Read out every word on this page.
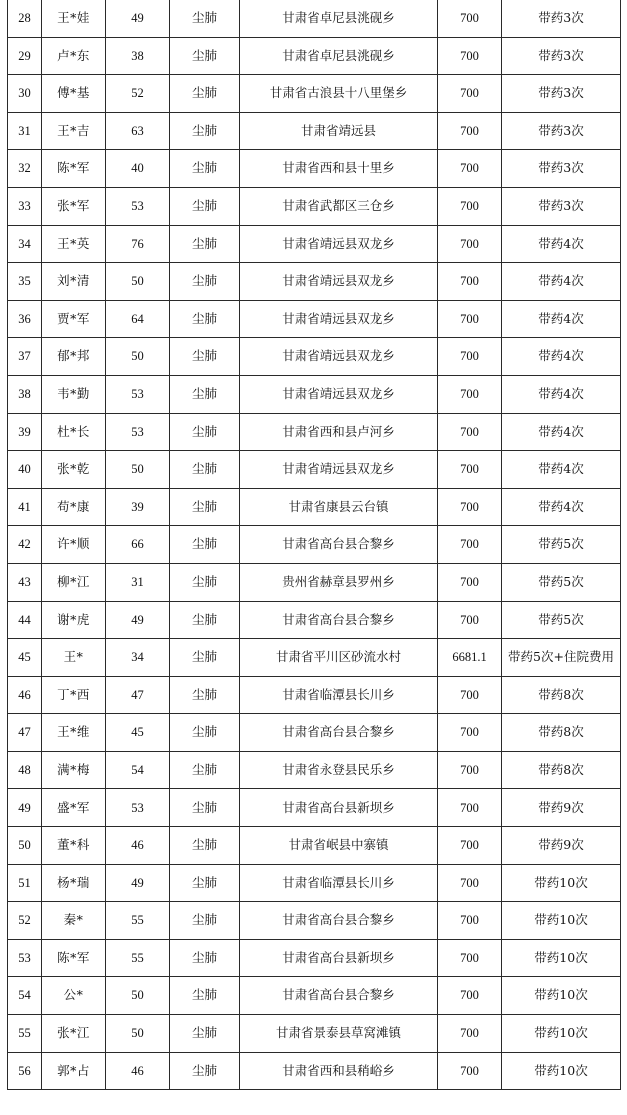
28	王*娃	49	尘肺	甘肃省卓尼县洮砚乡	700	带药3次
29	卢*东	38	尘肺	甘肃省卓尼县洮砚乡	700	带药3次
30	傅*基	52	尘肺	甘肃省古浪县十八里堡乡	700	带药3次
31	王*吉	63	尘肺	甘肃省靖远县	700	带药3次
32	陈*军	40	尘肺	甘肃省西和县十里乡	700	带药3次
33	张*军	53	尘肺	甘肃省武都区三仓乡	700	带药3次
34	王*英	76	尘肺	甘肃省靖远县双龙乡	700	带药4次
35	刘*清	50	尘肺	甘肃省靖远县双龙乡	700	带药4次
36	贾*军	64	尘肺	甘肃省靖远县双龙乡	700	带药4次
37	郁*邦	50	尘肺	甘肃省靖远县双龙乡	700	带药4次
38	韦*勤	53	尘肺	甘肃省靖远县双龙乡	700	带药4次
39	杜*长	53	尘肺	甘肃省西和县卢河乡	700	带药4次
40	张*乾	50	尘肺	甘肃省靖远县双龙乡	700	带药4次
41	苟*康	39	尘肺	甘肃省康县云台镇	700	带药4次
42	许*顺	66	尘肺	甘肃省高台县合黎乡	700	带药5次
43	柳*江	31	尘肺	贵州省赫章县罗州乡	700	带药5次
44	谢*虎	49	尘肺	甘肃省高台县合黎乡	700	带药5次
45	王*	34	尘肺	甘肃省平川区砂流水村	6681.1	带药5次+住院费用
46	丁*西	47	尘肺	甘肃省临潭县长川乡	700	带药8次
47	王*维	45	尘肺	甘肃省高台县合黎乡	700	带药8次
48	满*梅	54	尘肺	甘肃省永登县民乐乡	700	带药8次
49	盛*军	53	尘肺	甘肃省高台县新坝乡	700	带药9次
50	董*科	46	尘肺	甘肃省岷县中寨镇	700	带药9次
51	杨*瑞	49	尘肺	甘肃省临潭县长川乡	700	带药10次
52	秦*	55	尘肺	甘肃省高台县合黎乡	700	带药10次
53	陈*军	55	尘肺	甘肃省高台县新坝乡	700	带药10次
54	公*	50	尘肺	甘肃省高台县合黎乡	700	带药10次
55	张*江	50	尘肺	甘肃省景泰县草窝滩镇	700	带药10次
56	郭*占	46	尘肺	甘肃省西和县稍峪乡	700	带药10次
